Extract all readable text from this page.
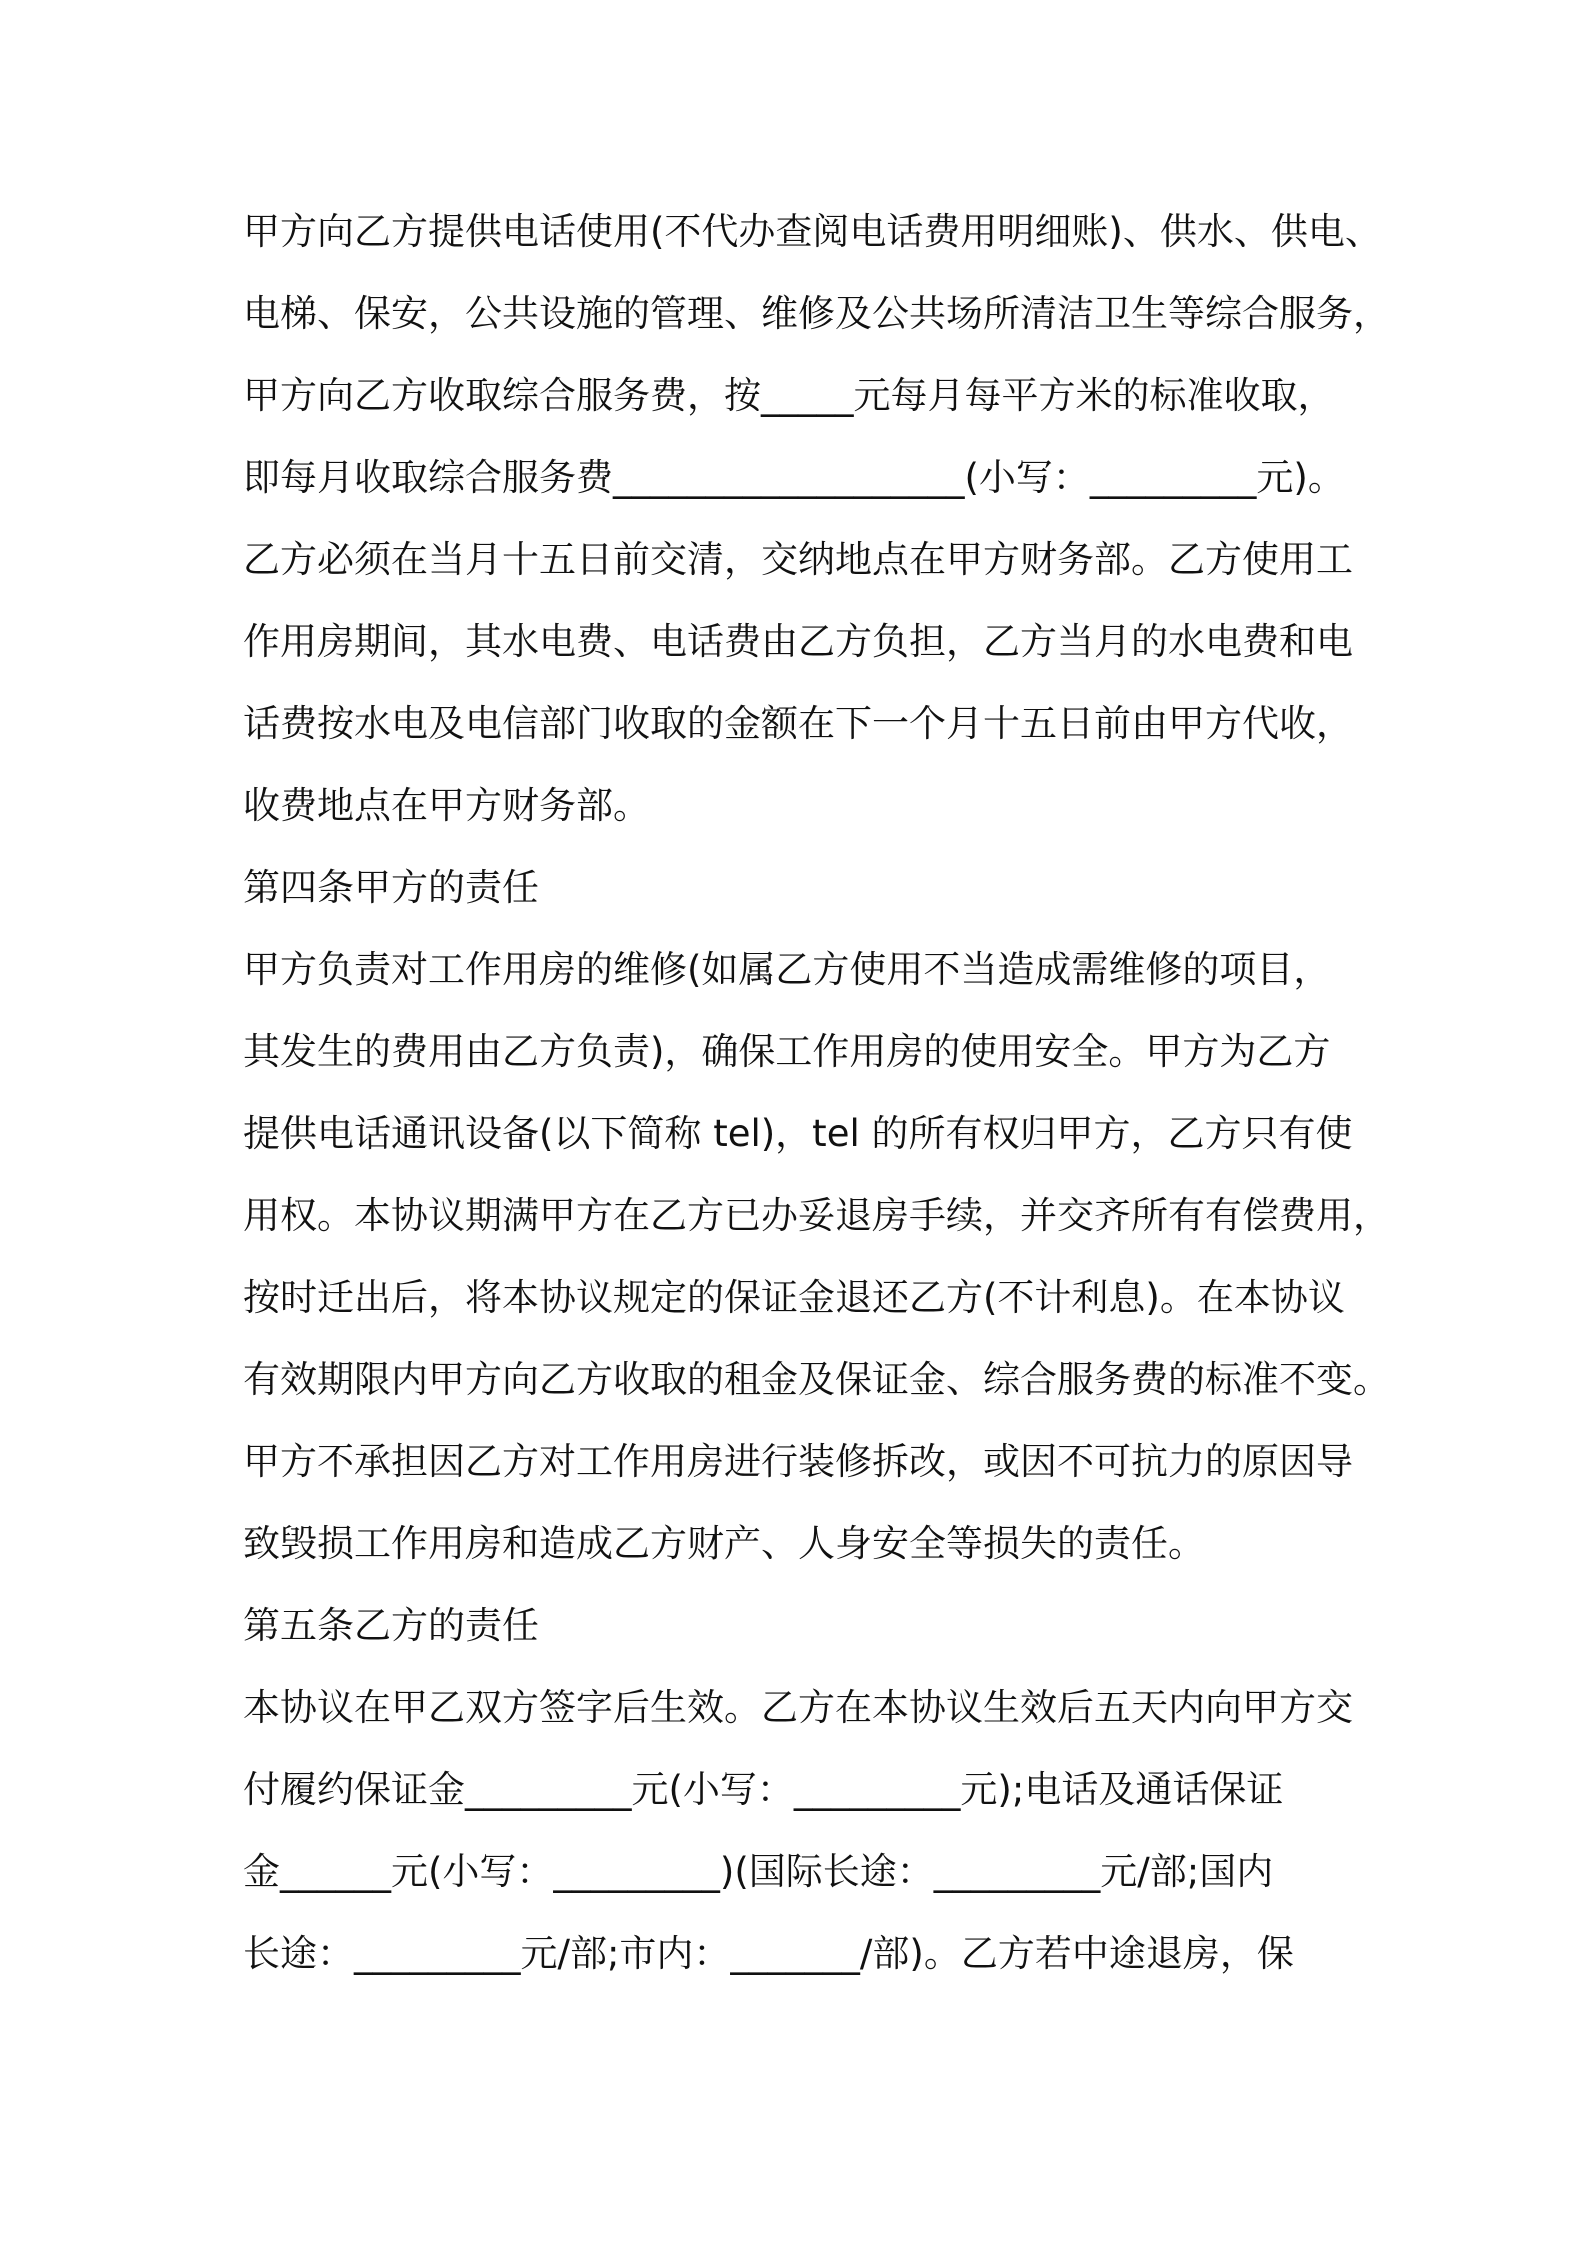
甲方向乙方提供电话使用(不代办查阅电话费用明细账)、供水、供电、
电梯、保安，公共设施的管理、维修及公共场所清洁卫生等综合服务，
甲方向乙方收取综合服务费，按_____元每月每平方米的标准收取，
即每月收取综合服务费___________________(小写：_________元)。
乙方必须在当月十五日前交清，交纳地点在甲方财务部。乙方使用工
作用房期间，其水电费、电话费由乙方负担，乙方当月的水电费和电
话费按水电及电信部门收取的金额在下一个月十五日前由甲方代收，
收费地点在甲方财务部。
第四条甲方的责任
甲方负责对工作用房的维修(如属乙方使用不当造成需维修的项目，
其发生的费用由乙方负责)，确保工作用房的使用安全。甲方为乙方
提供电话通讯设备(以下简称 tel)，tel 的所有权归甲方，乙方只有使
用权。本协议期满甲方在乙方已办妥退房手续，并交齐所有有偿费用，
按时迁出后，将本协议规定的保证金退还乙方(不计利息)。在本协议
有效期限内甲方向乙方收取的租金及保证金、综合服务费的标准不变。
甲方不承担因乙方对工作用房进行装修拆改，或因不可抗力的原因导
致毁损工作用房和造成乙方财产、人身安全等损失的责任。
第五条乙方的责任
本协议在甲乙双方签字后生效。乙方在本协议生效后五天内向甲方交
付履约保证金_________元(小写：_________元);电话及通话保证
金______元(小写：_________)(国际长途：_________元/部;国内
长途：_________元/部;市内：_______/部)。乙方若中途退房，保
